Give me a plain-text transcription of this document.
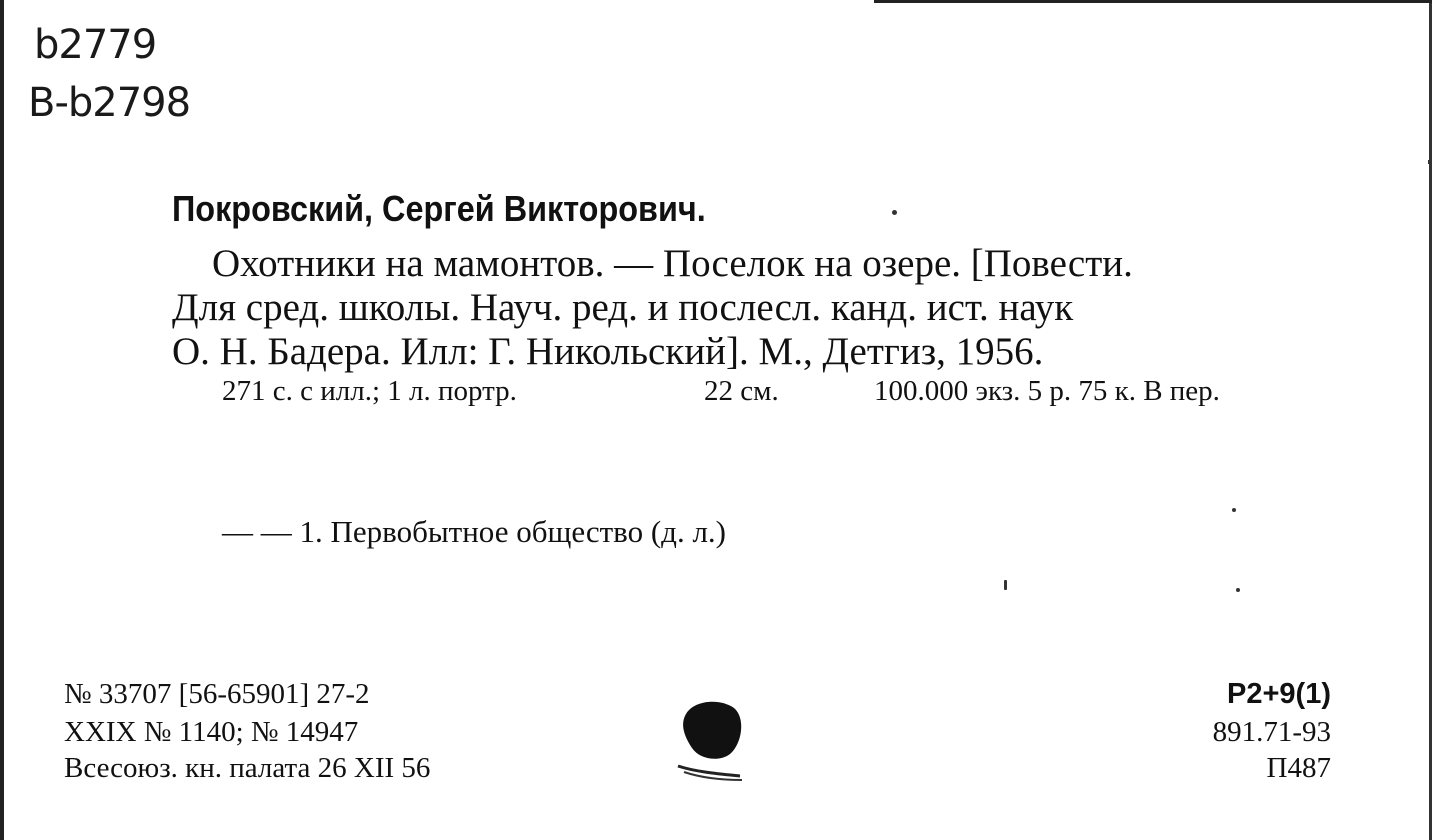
b2779
B-b2798
Покровский, Сергей Викторович.
Охотники на мамонтов. — Поселок на озере. [Повести.
Для сред. школы. Науч. ред. и послесл. канд. ист. наук
О. Н. Бадера. Илл: Г. Никольский]. М., Детгиз, 1956.
271 с. с илл.; 1 л. портр.	22 см.	100.000 экз. 5 р. 75 к. В пер.
— — 1. Первобытное общество (д. л.)
№ 33707 [56-65901] 27-2
XXIX № 1140; № 14947
Всесоюз. кн. палата 26 XII 56
Р2+9(1)
891.71-93
П487
